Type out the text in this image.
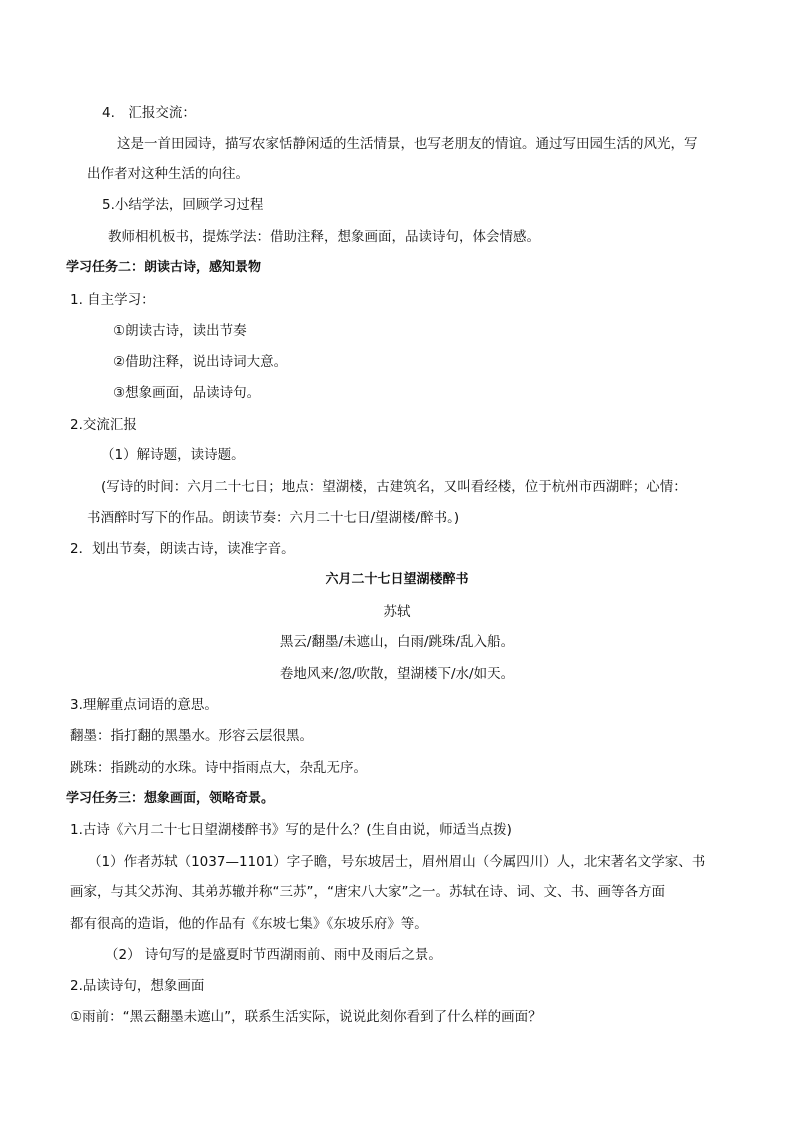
4.　汇报交流：
这是一首田园诗，描写农家恬静闲适的生活情景，也写老朋友的情谊。通过写田园生活的风光，写
出作者对这种生活的向往。
5.小结学法，回顾学习过程
教师相机板书，提炼学法：借助注释，想象画面，品读诗句，体会情感。
学习任务二：朗读古诗，感知景物
1. 自主学习：
①朗读古诗，读出节奏
②借助注释，说出诗词大意。
③想象画面，品读诗句。
2.交流汇报
（1）解诗题，读诗题。
(写诗的时间：六月二十七日；地点：望湖楼，古建筑名，又叫看经楼，位于杭州市西湖畔；心情：
书酒醉时写下的作品。朗读节奏：六月二十七日/望湖楼/醉书。)
2．划出节奏，朗读古诗，读准字音。
六月二十七日望湖楼醉书
苏轼
黑云/翻墨/未遮山，白雨/跳珠/乱入船。
卷地风来/忽/吹散，望湖楼下/水/如天。
3.理解重点词语的意思。
翻墨：指打翻的黑墨水。形容云层很黑。
跳珠：指跳动的水珠。诗中指雨点大，杂乱无序。
学习任务三：想象画面，领略奇景。
1.古诗《六月二十七日望湖楼醉书》写的是什么？(生自由说，师适当点拨)
（1）作者苏轼（1037—1101）字子瞻，号东坡居士，眉州眉山（今属四川）人，北宋著名文学家、书
画家，与其父苏洵、其弟苏辙并称“三苏”，“唐宋八大家”之一。苏轼在诗、词、文、书、画等各方面
都有很高的造诣，他的作品有《东坡七集》《东坡乐府》等。
（2） 诗句写的是盛夏时节西湖雨前、雨中及雨后之景。
2.品读诗句，想象画面
①雨前：“黑云翻墨未遮山”，联系生活实际，说说此刻你看到了什么样的画面？
